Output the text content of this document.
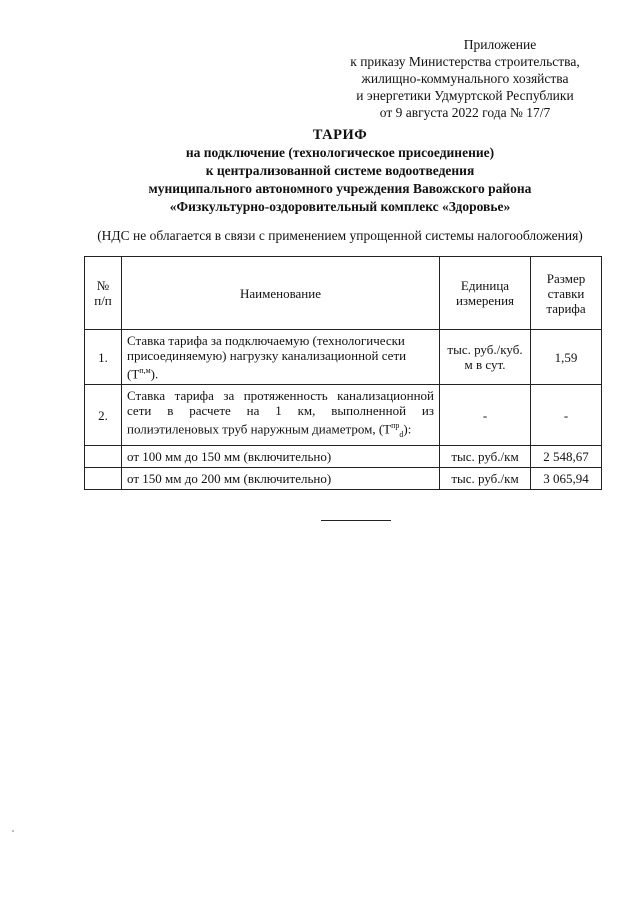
Приложение
к приказу Министерства строительства,
жилищно-коммунального хозяйства
и энергетики Удмуртской Республики
от 9 августа 2022 года № 17/7
ТАРИФ
на подключение (технологическое присоединение)
к централизованной системе водоотведения
муниципального автономного учреждения Вавожского района
«Физкультурно-оздоровительный комплекс «Здоровье»
(НДС не облагается в связи с применением упрощенной системы налогообложения)
№ п/п	Наименование	Единица измерения	Размер ставки тарифа
1.	Ставка тарифа за подключаемую (технологически присоединяемую) нагрузку канализационной сети $(T^{п,м})$.	тыс. руб./куб. м в сут.	1,59
2.	Ставка тарифа за протяженность канализационной сети в расчете на 1 км, выполненной из полиэтиленовых труб наружным диаметром, $(T^{пр}_d)$:	-	-
	от 100 мм до 150 мм (включительно)	тыс. руб./км	2 548,67
	от 150 мм до 200 мм (включительно)	тыс. руб./км	3 065,94
